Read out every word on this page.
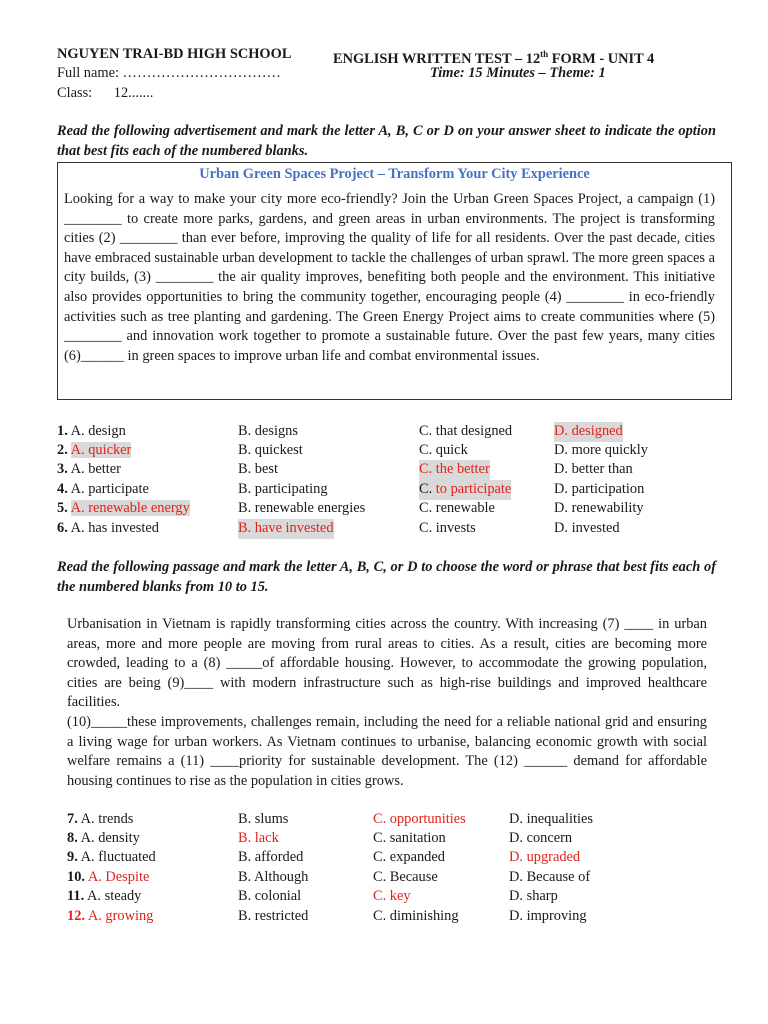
NGUYEN TRAI-BD HIGH SCHOOL	ENGLISH WRITTEN TEST – 12th FORM - UNIT 4
Full name: ……………………………	Time: 15 Minutes – Theme: 1
Class:      12.......
Read the following advertisement and mark the letter A, B, C or D on your answer sheet to indicate the option that best fits each of the numbered blanks.
Urban Green Spaces Project – Transform Your City Experience
Looking for a way to make your city more eco-friendly? Join the Urban Green Spaces Project, a campaign (1) ________ to create more parks, gardens, and green areas in urban environments. The project is transforming cities (2) ________ than ever before, improving the quality of life for all residents. Over the past decade, cities have embraced sustainable urban development to tackle the challenges of urban sprawl. The more green spaces a city builds, (3) ________ the air quality improves, benefiting both people and the environment. This initiative also provides opportunities to bring the community together, encouraging people (4) ________ in eco-friendly activities such as tree planting and gardening. The Green Energy Project aims to create communities where (5) ________ and innovation work together to promote a sustainable future. Over the past few years, many cities (6)______ in green spaces to improve urban life and combat environmental issues.
1. A. design	B. designs	C. that designed	D. designed
2. A. quicker	B. quickest	C. quick	D. more quickly
3. A. better	B. best	C. the better	D. better than
4. A. participate	B. participating	C. to participate	D. participation
5. A. renewable energy	B. renewable energies	C. renewable	D. renewability
6. A. has invested	B. have invested	C. invests	D. invested
Read the following passage and mark the letter A, B, C, or D to choose the word or phrase that best fits each of the numbered blanks from 10 to 15.
Urbanisation in Vietnam is rapidly transforming cities across the country. With increasing (7) ____ in urban areas, more and more people are moving from rural areas to cities. As a result, cities are becoming more crowded, leading to a (8) _____of affordable housing. However, to accommodate the growing population, cities are being (9)____ with modern infrastructure such as high-rise buildings and improved healthcare facilities.
(10)_____these improvements, challenges remain, including the need for a reliable national grid and ensuring a living wage for urban workers. As Vietnam continues to urbanise, balancing economic growth with social welfare remains a (11) ____priority for sustainable development. The (12) ______ demand for affordable housing continues to rise as the population in cities grows.
7. A. trends	B. slums	C. opportunities	D. inequalities
8. A. density	B. lack	C. sanitation	D. concern
9. A. fluctuated	B. afforded	C. expanded	D. upgraded
10. A. Despite	B. Although	C. Because	D. Because of
11. A. steady	B. colonial	C. key	D. sharp
12. A. growing	B. restricted	C. diminishing	D. improving
